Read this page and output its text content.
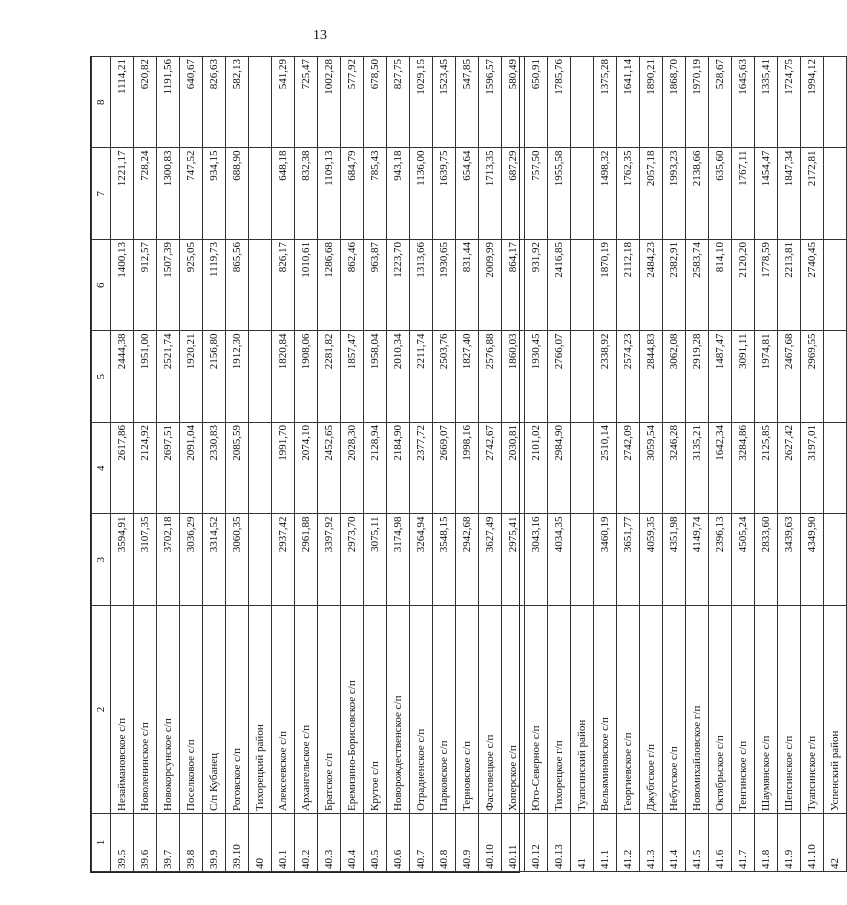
13
1	2	3	4	5	6	7	8
39.5	Незаймановское с/п	3594,91	2617,86	2444,38	1400,13	1221,17	1114,21
39.6	Новоленинское с/п	3107,35	2124,92	1951,00	912,57	728,24	620,82
39.7	Новокорсунское с/п	3702,18	2697,51	2521,74	1507,39	1300,83	1191,56
39.8	Поселковое с/п	3036,29	2091,04	1920,21	925,05	747,52	640,67
39.9	С/п Кубанец	3314,52	2330,83	2156,80	1119,73	934,15	826,63
39.10	Роговское с/п	3060,35	2085,59	1912,30	865,56	688,90	582,13
40	Тихорецкий район						
40.1	Алексеевское с/п	2937,42	1991,70	1820,84	826,17	648,18	541,29
40.2	Архангельское с/п	2961,88	2074,10	1908,06	1010,61	832,38	725,47
40.3	Братское с/п	3397,92	2452,65	2281,82	1286,68	1109,13	1002,28
40.4	Еремизино-Борисовское с/п	2973,70	2028,30	1857,47	862,46	684,79	577,92
40.5	Крутое с/п	3075,11	2128,94	1958,04	963,87	785,43	678,50
40.6	Новорождественское с/п	3174,98	2184,90	2010,34	1223,70	943,18	827,75
40.7	Отрадненское с/п	3264,94	2377,72	2211,74	1313,66	1136,00	1029,15
40.8	Парковское с/п	3548,15	2669,07	2503,76	1930,65	1639,75	1523,45
40.9	Терновское с/п	2942,68	1998,16	1827,40	831,44	654,64	547,85
40.10	Фастовецкое с/п	3627,49	2742,67	2576,88	2009,99	1713,35	1596,57
40.11	Хоперское с/п	2975,41	2030,81	1860,03	864,17	687,29	580,49
40.12	Юго-Северное с/п	3043,16	2101,02	1930,45	931,92	757,50	650,91
40.13	Тихорецкое г/п	4034,35	2984,90	2766,07	2416,85	1955,58	1785,76
41	Туапсинский район						
41.1	Вельяминовское с/п	3460,19	2510,14	2338,92	1870,19	1498,32	1375,28
41.2	Георгиевское с/п	3651,77	2742,09	2574,23	2112,18	1762,35	1641,14
41.3	Джубгское г/п	4059,35	3059,54	2844,83	2484,23	2057,18	1890,21
41.4	Небугское с/п	4351,98	3246,28	3062,08	2382,91	1993,23	1868,70
41.5	Новомихайловское г/п	4149,74	3135,21	2919,28	2583,74	2138,66	1970,19
41.6	Октябрьское с/п	2396,13	1642,34	1487,47	814,10	635,60	528,67
41.7	Тенгинское с/п	4505,24	3284,86	3091,11	2120,20	1767,11	1645,63
41.8	Шаумянское с/п	2833,60	2125,85	1974,81	1778,59	1454,47	1335,41
41.9	Шепсинское с/п	3439,63	2627,42	2467,68	2213,81	1847,34	1724,75
41.10	Туапсинское г/п	4349,90	3197,01	2969,55	2740,45	2172,81	1994,12
42	Успенский район						
